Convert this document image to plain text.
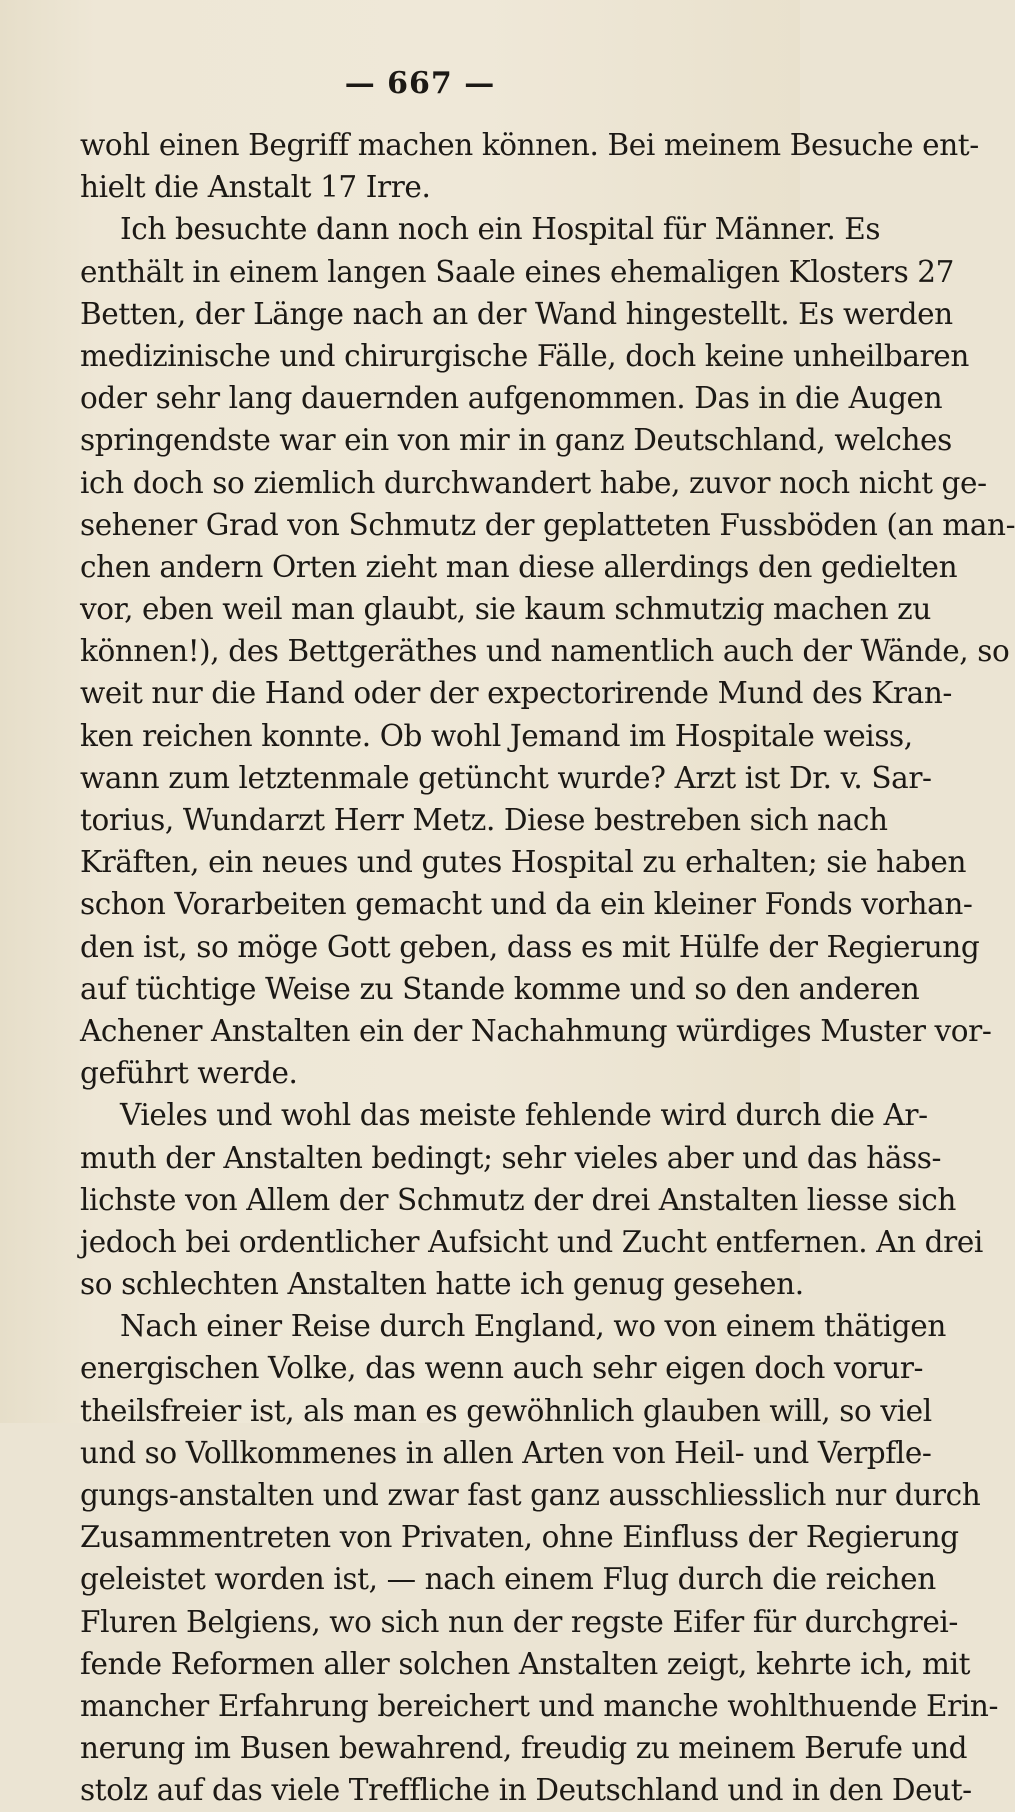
— 667 —
wohl einen Begriff machen können. Bei meinem Besuche ent-
hielt die Anstalt 17 Irre.
Ich besuchte dann noch ein Hospital für Männer. Es
enthält in einem langen Saale eines ehemaligen Klosters 27
Betten, der Länge nach an der Wand hingestellt. Es werden
medizinische und chirurgische Fälle, doch keine unheilbaren
oder sehr lang dauernden aufgenommen. Das in die Augen
springendste war ein von mir in ganz Deutschland, welches
ich doch so ziemlich durchwandert habe, zuvor noch nicht ge-
sehener Grad von Schmutz der geplatteten Fussböden (an man-
chen andern Orten zieht man diese allerdings den gedielten
vor, eben weil man glaubt, sie kaum schmutzig machen zu
können!), des Bettgeräthes und namentlich auch der Wände, so
weit nur die Hand oder der expectorirende Mund des Kran-
ken reichen konnte. Ob wohl Jemand im Hospitale weiss,
wann zum letztenmale getüncht wurde? Arzt ist Dr. v. Sar-
torius, Wundarzt Herr Metz. Diese bestreben sich nach
Kräften, ein neues und gutes Hospital zu erhalten; sie haben
schon Vorarbeiten gemacht und da ein kleiner Fonds vorhan-
den ist, so möge Gott geben, dass es mit Hülfe der Regierung
auf tüchtige Weise zu Stande komme und so den anderen
Achener Anstalten ein der Nachahmung würdiges Muster vor-
geführt werde.
Vieles und wohl das meiste fehlende wird durch die Ar-
muth der Anstalten bedingt; sehr vieles aber und das häss-
lichste von Allem der Schmutz der drei Anstalten liesse sich
jedoch bei ordentlicher Aufsicht und Zucht entfernen. An drei
so schlechten Anstalten hatte ich genug gesehen.
Nach einer Reise durch England, wo von einem thätigen
energischen Volke, das wenn auch sehr eigen doch vorur-
theilsfreier ist, als man es gewöhnlich glauben will, so viel
und so Vollkommenes in allen Arten von Heil- und Verpfle-
gungs-anstalten und zwar fast ganz ausschliesslich nur durch
Zusammentreten von Privaten, ohne Einfluss der Regierung
geleistet worden ist, — nach einem Flug durch die reichen
Fluren Belgiens, wo sich nun der regste Eifer für durchgrei-
fende Reformen aller solchen Anstalten zeigt, kehrte ich, mit
mancher Erfahrung bereichert und manche wohlthuende Erin-
nerung im Busen bewahrend, freudig zu meinem Berufe und
stolz auf das viele Treffliche in Deutschland und in den Deut-
